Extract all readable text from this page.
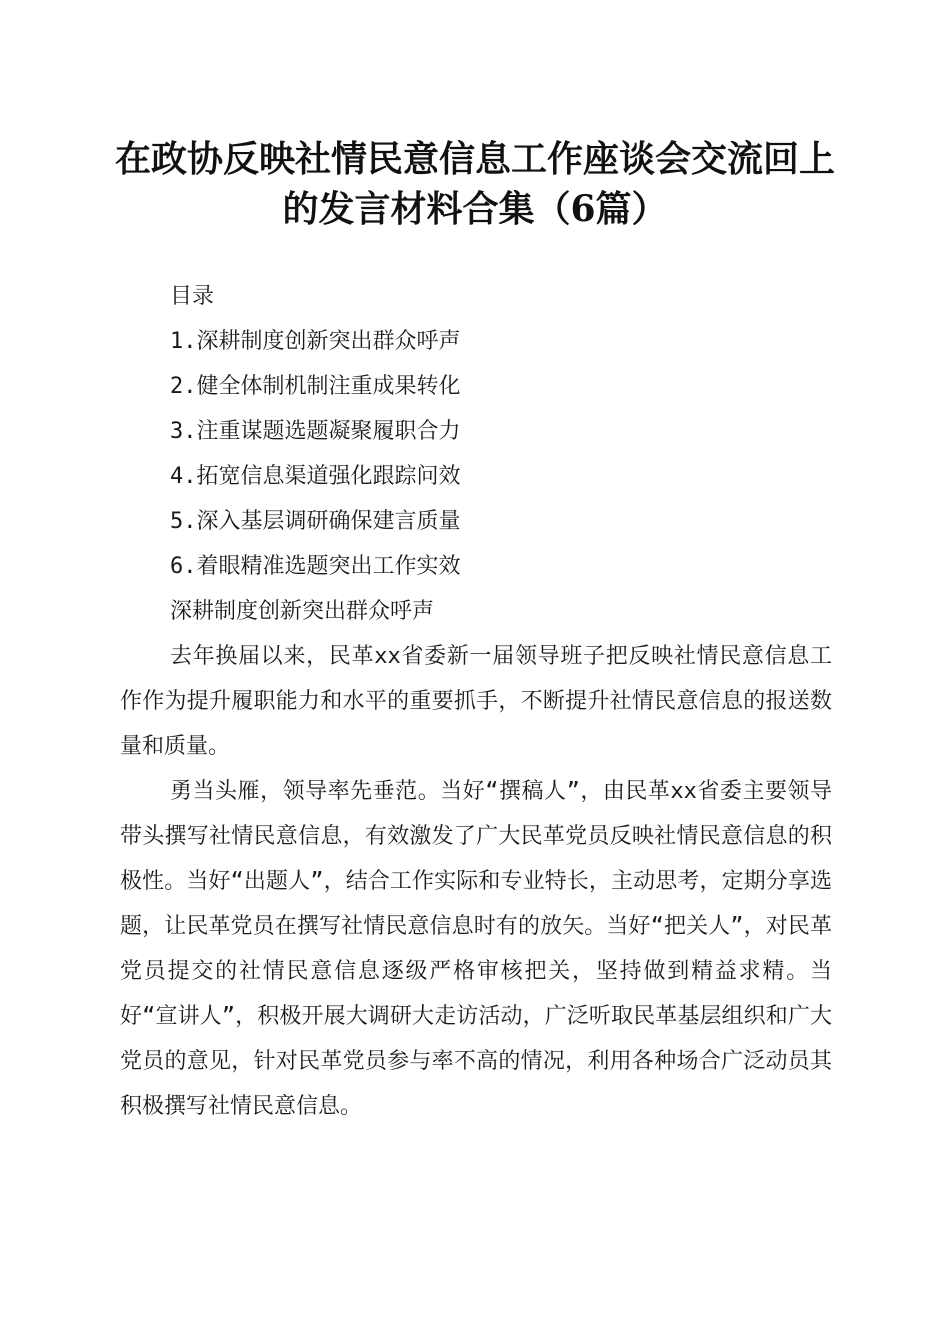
在政协反映社情民意信息工作座谈会交流回上
的发言材料合集（6篇）
目录
1.深耕制度创新突出群众呼声
2.健全体制机制注重成果转化
3.注重谋题选题凝聚履职合力
4.拓宽信息渠道强化跟踪问效
5.深入基层调研确保建言质量
6.着眼精准选题突出工作实效
深耕制度创新突出群众呼声

去年换届以来，民革xx省委新一届领导班子把反映社情民意信息工作作为提升履职能力和水平的重要抓手，不断提升社情民意信息的报送数量和质量。

勇当头雁，领导率先垂范。当好“撰稿人”，由民革xx省委主要领导带头撰写社情民意信息，有效激发了广大民革党员反映社情民意信息的积极性。当好“出题人”，结合工作实际和专业特长，主动思考，定期分享选题，让民革党员在撰写社情民意信息时有的放矢。当好“把关人”，对民革党员提交的社情民意信息逐级严格审核把关，坚持做到精益求精。当好“宣讲人”，积极开展大调研大走访活动，广泛听取民革基层组织和广大党员的意见，针对民革党员参与率不高的情况，利用各种场合广泛动员其积极撰写社情民意信息。
